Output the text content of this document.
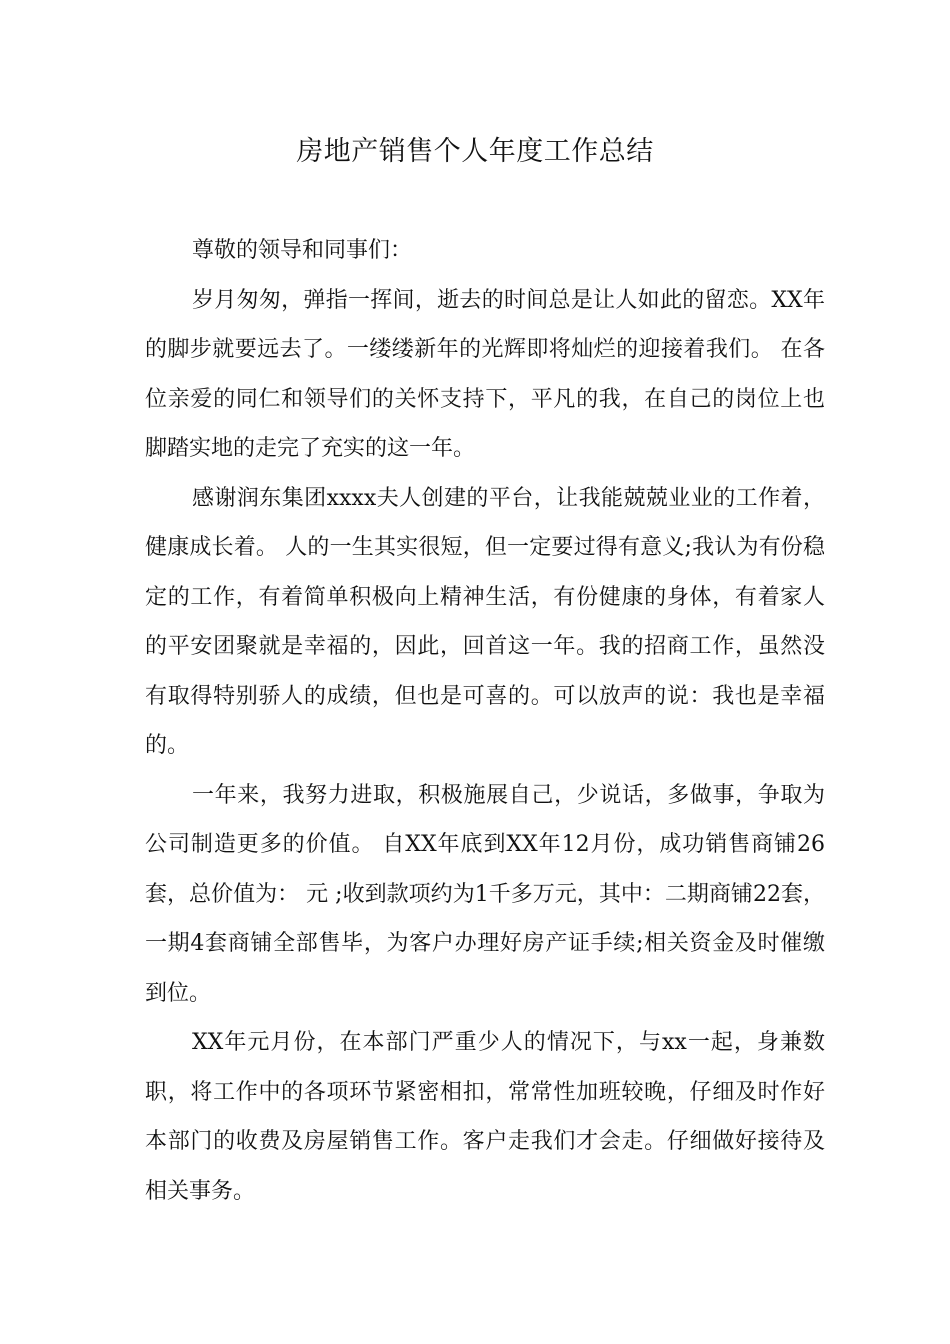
房地产销售个人年度工作总结

尊敬的领导和同事们：

岁月匆匆，弹指一挥间，逝去的时间总是让人如此的留恋。XX年的脚步就要远去了。一缕缕新年的光辉即将灿烂的迎接着我们。 在各位亲爱的同仁和领导们的关怀支持下，平凡的我，在自己的岗位上也脚踏实地的走完了充实的这一年。

感谢润东集团xxxx夫人创建的平台，让我能兢兢业业的工作着，健康成长着。 人的一生其实很短，但一定要过得有意义;我认为有份稳定的工作，有着简单积极向上精神生活，有份健康的身体，有着家人的平安团聚就是幸福的，因此，回首这一年。我的招商工作，虽然没有取得特别骄人的成绩，但也是可喜的。可以放声的说：我也是幸福的。

一年来，我努力进取，积极施展自己，少说话，多做事，争取为公司制造更多的价值。 自XX年底到XX年12月份，成功销售商铺26套，总价值为： 元 ;收到款项约为1千多万元，其中：二期商铺22套，一期4套商铺全部售毕，为客户办理好房产证手续;相关资金及时催缴到位。

XX年元月份，在本部门严重少人的情况下，与xx一起，身兼数职，将工作中的各项环节紧密相扣，常常性加班较晚，仔细及时作好本部门的收费及房屋销售工作。客户走我们才会走。仔细做好接待及相关事务。
